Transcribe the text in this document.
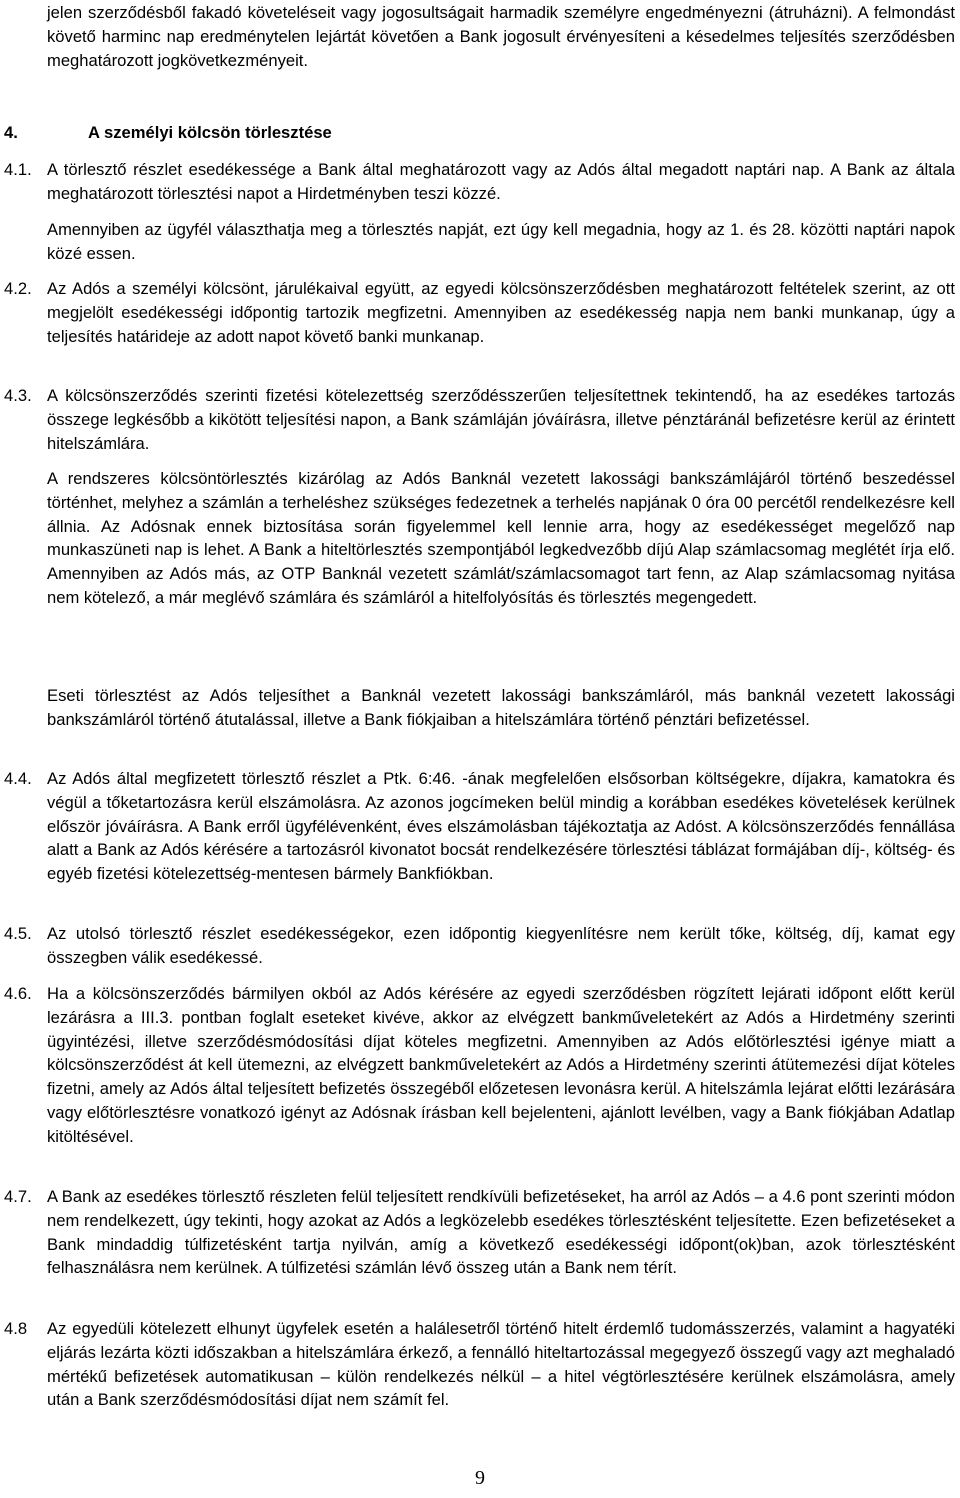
jelen szerződésből fakadó követeléseit vagy jogosultságait harmadik személyre engedményezni (átruházni). A felmondást követő harminc nap eredménytelen lejártát követően a Bank jogosult érvényesíteni a késedelmes teljesítés szerződésben meghatározott jogkövetkezményeit.

4.	A személyi kölcsön törlesztése
4.1. A törlesztő részlet esedékessége a Bank által meghatározott vagy az Adós által megadott naptári nap. A Bank az általa meghatározott törlesztési napot a Hirdetményben teszi közzé.

Amennyiben az ügyfél választhatja meg a törlesztés napját, ezt úgy kell megadnia, hogy az 1. és 28. közötti naptári napok közé essen.

4.2. Az Adós a személyi kölcsönt, járulékaival együtt, az egyedi kölcsönszerződésben meghatározott feltételek szerint, az ott megjelölt esedékességi időpontig tartozik megfizetni. Amennyiben az esedékesség napja nem banki munkanap, úgy a teljesítés határideje az adott napot követő banki munkanap.
4.3. A kölcsönszerződés szerinti fizetési kötelezettség szerződésszerűen teljesítettnek tekintendő, ha az esedékes tartozás összege legkésőbb a kikötött teljesítési napon, a Bank számláján jóváírásra, illetve pénztáránál befizetésre kerül az érintett hitelszámlára.

A rendszeres kölcsöntörlesztés kizárólag az Adós Banknál vezetett lakossági bankszámlájáról történő beszedéssel történhet, melyhez a számlán a terheléshez szükséges fedezetnek a terhelés napjának 0 óra 00 percétől rendelkezésre kell állnia. Az Adósnak ennek biztosítása során figyelemmel kell lennie arra, hogy az esedékességet megelőző nap munkaszüneti nap is lehet. A Bank a hiteltörlesztés szempontjából legkedvezőbb díjú Alap számlacsomag meglétét írja elő. Amennyiben az Adós más, az OTP Banknál vezetett számlát/számlacsomagot tart fenn, az Alap számlacsomag nyitása nem kötelező, a már meglévő számlára és számláról a hitelfolyósítás és törlesztés megengedett.

Eseti törlesztést az Adós teljesíthet a Banknál vezetett lakossági bankszámláról, más banknál vezetett lakossági bankszámláról történő átutalással, illetve a Bank fiókjaiban a hitelszámlára történő pénztári befizetéssel.

4.4. Az Adós által megfizetett törlesztő részlet a Ptk. 6:46. -ának megfelelően elsősorban költségekre, díjakra, kamatokra és végül a tőketartozásra kerül elszámolásra. Az azonos jogcímeken belül mindig a korábban esedékes követelések kerülnek először jóváírásra. A Bank erről ügyfélévenként, éves elszámolásban tájékoztatja az Adóst. A kölcsönszerződés fennállása alatt a Bank az Adós kérésére a tartozásról kivonatot bocsát rendelkezésére törlesztési táblázat formájában díj-, költség- és egyéb fizetési kötelezettség-mentesen bármely Bankfiókban.
4.5. Az utolsó törlesztő részlet esedékességekor, ezen időpontig kiegyenlítésre nem került tőke, költség, díj, kamat egy összegben válik esedékessé.
4.6. Ha a kölcsönszerződés bármilyen okból az Adós kérésére az egyedi szerződésben rögzített lejárati időpont előtt kerül lezárásra a III.3. pontban foglalt eseteket kivéve, akkor az elvégzett bankműveletekért az Adós a Hirdetmény szerinti ügyintézési, illetve szerződésmódosítási díjat köteles megfizetni. Amennyiben az Adós előtörlesztési igénye miatt a kölcsönszerződést át kell ütemezni, az elvégzett bankműveletekért az Adós a Hirdetmény szerinti átütemezési díjat köteles fizetni, amely az Adós által teljesített befizetés összegéből előzetesen levonásra kerül. A hitelszámla lejárat előtti lezárására vagy előtörlesztésre vonatkozó igényt az Adósnak írásban kell bejelenteni, ajánlott levélben, vagy a Bank fiókjában Adatlap kitöltésével.
4.7. A Bank az esedékes törlesztő részleten felül teljesített rendkívüli befizetéseket, ha arról az Adós – a 4.6 pont szerinti módon nem rendelkezett, úgy tekinti, hogy azokat az Adós a legközelebb esedékes törlesztésként teljesítette. Ezen befizetéseket a Bank mindaddig túlfizetésként tartja nyilván, amíg a következő esedékességi időpont(ok)ban, azok törlesztésként felhasználásra nem kerülnek. A túlfizetési számlán lévő összeg után a Bank nem térít.
4.8	Az egyedüli kötelezett elhunyt ügyfelek esetén a halálesetről történő hitelt érdemlő tudomásszerzés, valamint a hagyatéki eljárás lezárta közti időszakban a hitelszámlára érkező, a fennálló hiteltartozással megegyező összegű vagy azt meghaladó mértékű befizetések automatikusan – külön rendelkezés nélkül – a hitel végtörlesztésére kerülnek elszámolásra, amely után a Bank szerződésmódosítási díjat nem számít fel.
9
